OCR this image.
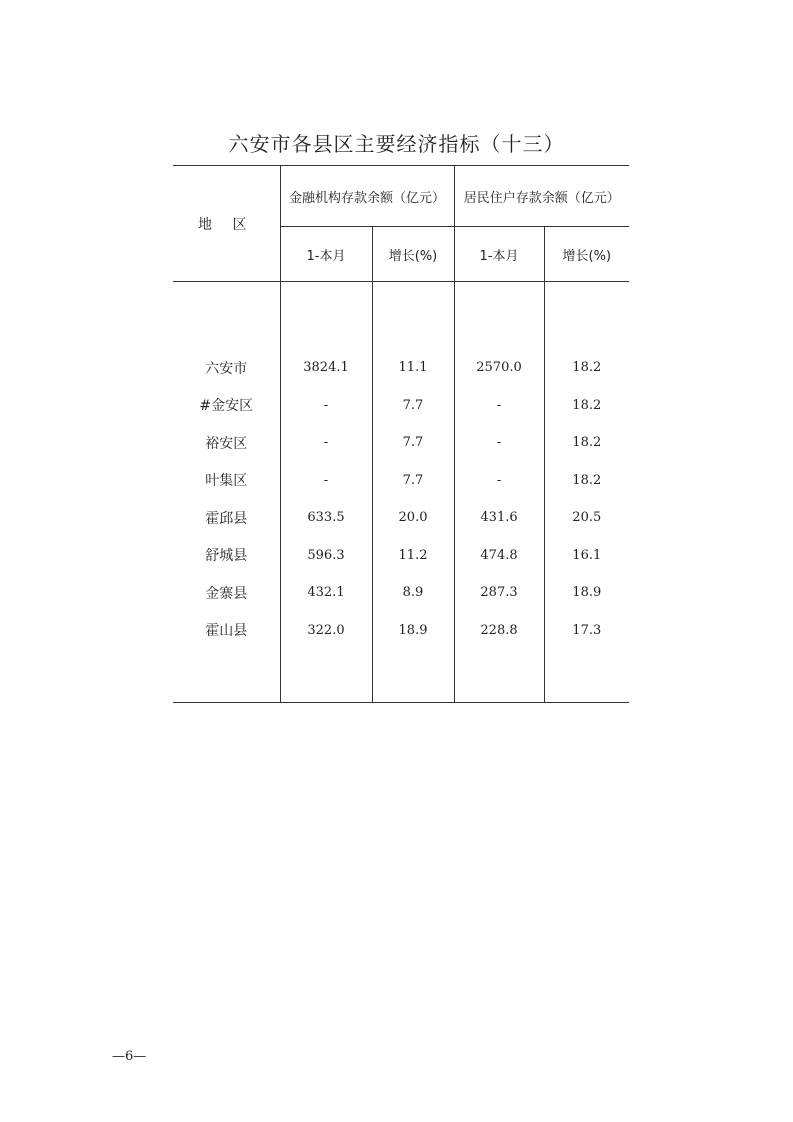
六安市各县区主要经济指标（十三）
地 区	金融机构存款余额（亿元）		居民住户存款余额（亿元）	
	1-本月	增长(%)	1-本月	增长(%)

六安市	3824.1	11.1	2570.0	18.2
#金安区	-	7.7	-	18.2
裕安区	-	7.7	-	18.2
叶集区	-	7.7	-	18.2
霍邱县	633.5	20.0	431.6	20.5
舒城县	596.3	11.2	474.8	16.1
金寨县	432.1	8.9	287.3	18.9
霍山县	322.0	18.9	228.8	17.3

—6—
